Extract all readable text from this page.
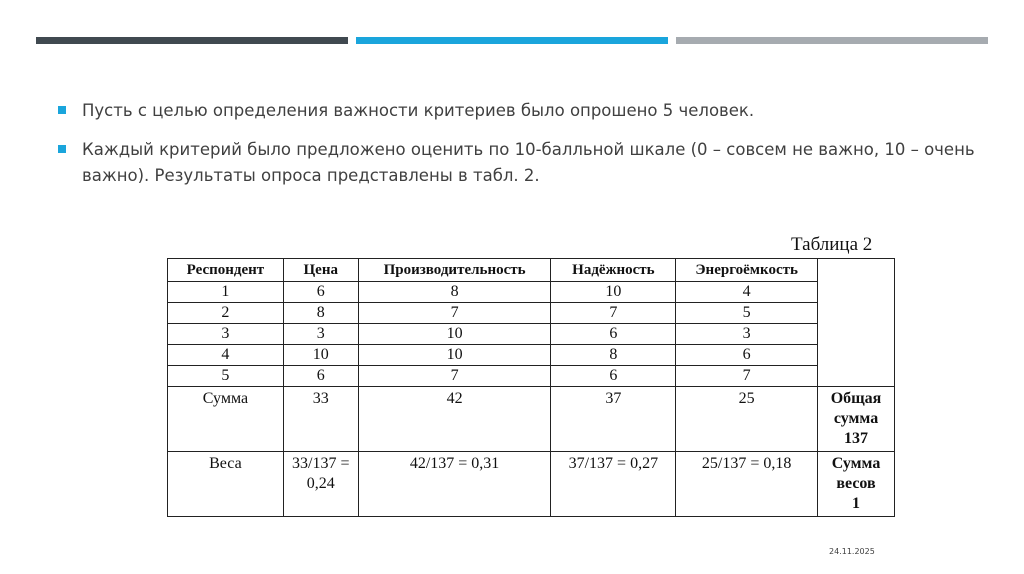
Пусть с целью определения важности критериев было опрошено 5 человек.
Каждый критерий было предложено оценить по 10-балльной шкале (0 – совсем не важно, 10 – очень важно). Результаты опроса представлены в табл. 2.
Таблица 2
Респондент	Цена	Производительность	Надёжность	Энергоёмкость	
1	6	8	10	4	
2	8	7	7	5	
3	3	10	6	3	
4	10	10	8	6	
5	6	7	6	7	
Сумма	33	42	37	25	Общая
сумма
137

Веса	33/137 = 0,24	42/137 = 0,31	37/137 = 0,27	25/137 = 0,18	Сумма
весов
1
24.11.2025
